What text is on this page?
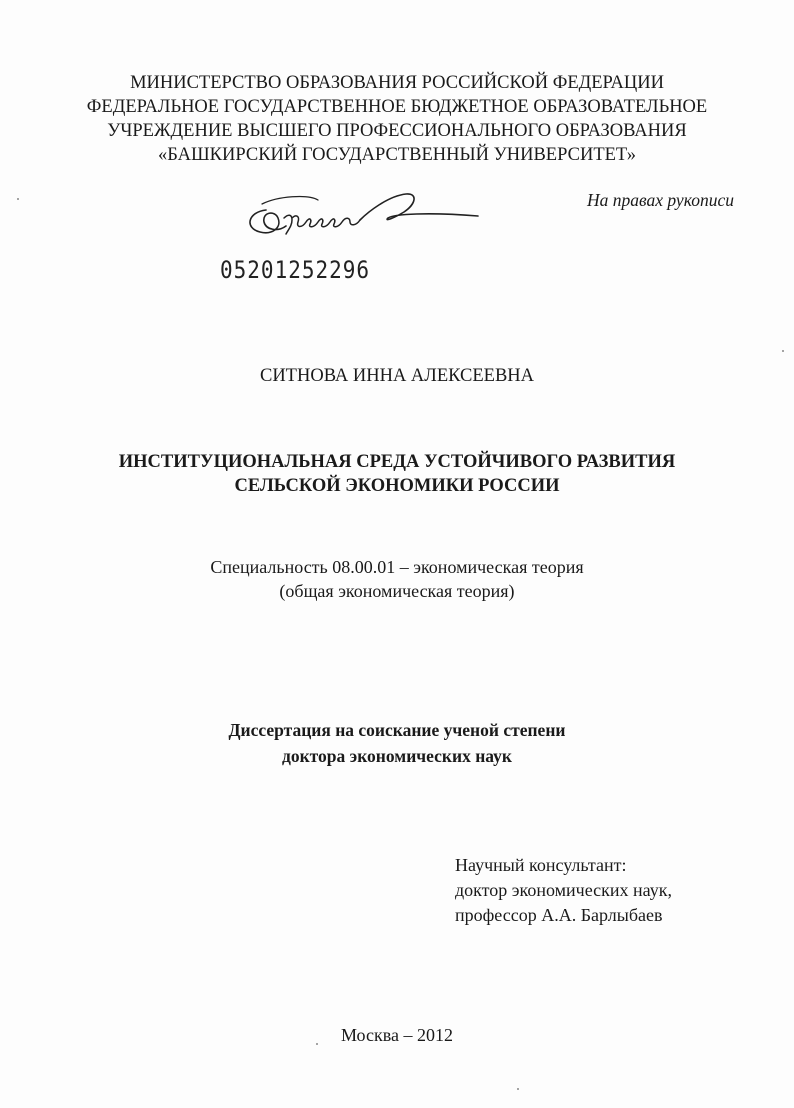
МИНИСТЕРСТВО ОБРАЗОВАНИЯ РОССИЙСКОЙ ФЕДЕРАЦИИ
ФЕДЕРАЛЬНОЕ ГОСУДАРСТВЕННОЕ БЮДЖЕТНОЕ ОБРАЗОВАТЕЛЬНОЕ
УЧРЕЖДЕНИЕ ВЫСШЕГО ПРОФЕССИОНАЛЬНОГО ОБРАЗОВАНИЯ
«БАШКИРСКИЙ ГОСУДАРСТВЕННЫЙ УНИВЕРСИТЕТ»
На правах рукописи
05201252296
СИТНОВА ИННА АЛЕКСЕЕВНА
ИНСТИТУЦИОНАЛЬНАЯ СРЕДА УСТОЙЧИВОГО РАЗВИТИЯ
СЕЛЬСКОЙ ЭКОНОМИКИ РОССИИ
Специальность 08.00.01 – экономическая теория
(общая экономическая теория)
Диссертация на соискание ученой степени
доктора экономических наук
Научный консультант:
доктор экономических наук,
профессор А.А. Барлыбаев
Москва – 2012
